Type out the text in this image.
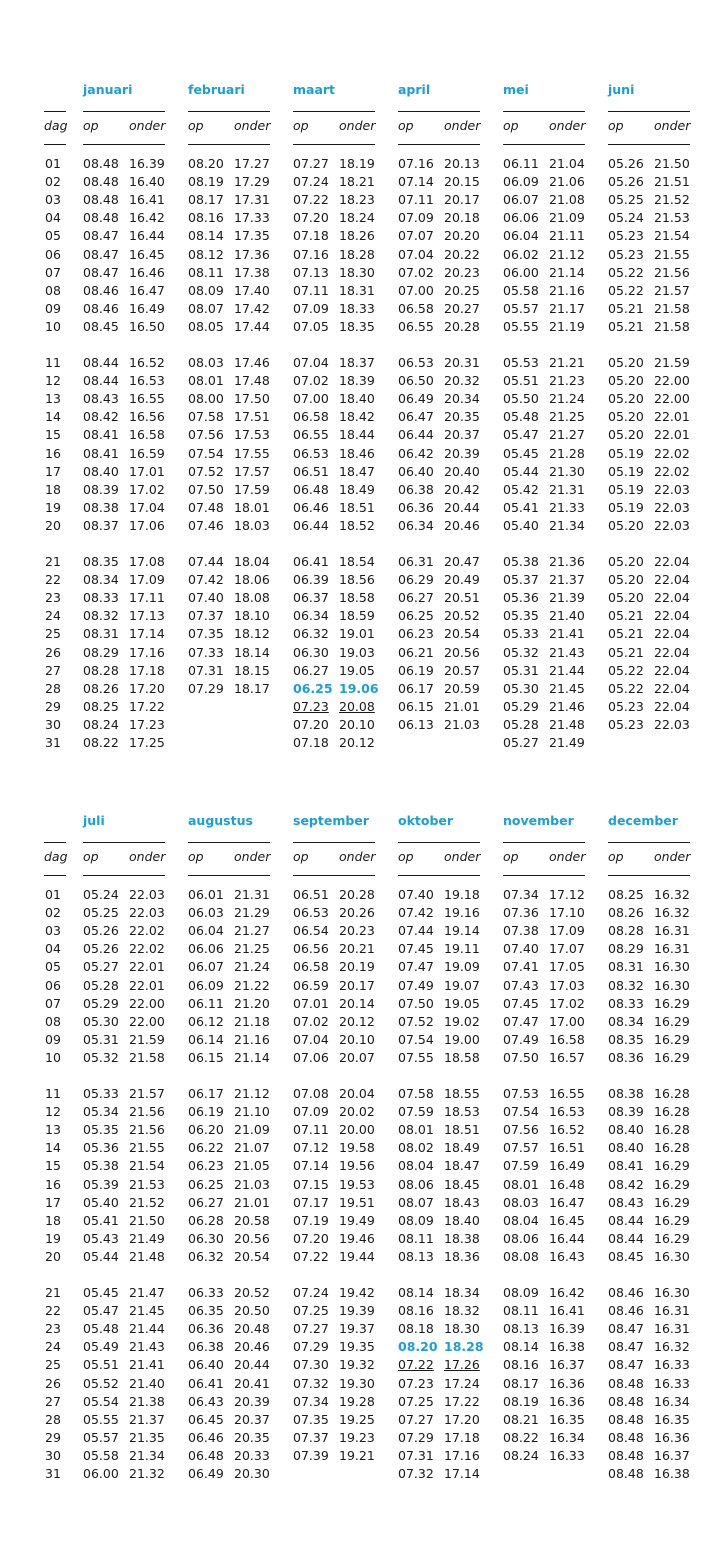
dag
01
02
03
04
05
06
07
08
09
10
11
12
13
14
15
16
17
18
19
20
21
22
23
24
25
26
27
28
29
30
31
januari
op onder
08.48 16.39
08.48 16.40
08.48 16.41
08.48 16.42
08.47 16.44
08.47 16.45
08.47 16.46
08.46 16.47
08.46 16.49
08.45 16.50
08.44 16.52
08.44 16.53
08.43 16.55
08.42 16.56
08.41 16.58
08.41 16.59
08.40 17.01
08.39 17.02
08.38 17.04
08.37 17.06
08.35 17.08
08.34 17.09
08.33 17.11
08.32 17.13
08.31 17.14
08.29 17.16
08.28 17.18
08.26 17.20
08.25 17.22
08.24 17.23
08.22 17.25
februari
op onder
08.20 17.27
08.19 17.29
08.17 17.31
08.16 17.33
08.14 17.35
08.12 17.36
08.11 17.38
08.09 17.40
08.07 17.42
08.05 17.44
08.03 17.46
08.01 17.48
08.00 17.50
07.58 17.51
07.56 17.53
07.54 17.55
07.52 17.57
07.50 17.59
07.48 18.01
07.46 18.03
07.44 18.04
07.42 18.06
07.40 18.08
07.37 18.10
07.35 18.12
07.33 18.14
07.31 18.15
07.29 18.17
maart
op onder
07.27 18.19
07.24 18.21
07.22 18.23
07.20 18.24
07.18 18.26
07.16 18.28
07.13 18.30
07.11 18.31
07.09 18.33
07.05 18.35
07.04 18.37
07.02 18.39
07.00 18.40
06.58 18.42
06.55 18.44
06.53 18.46
06.51 18.47
06.48 18.49
06.46 18.51
06.44 18.52
06.41 18.54
06.39 18.56
06.37 18.58
06.34 18.59
06.32 19.01
06.30 19.03
06.27 19.05
06.25 19.06
07.23 20.08
07.20 20.10
07.18 20.12
april
op onder
07.16 20.13
07.14 20.15
07.11 20.17
07.09 20.18
07.07 20.20
07.04 20.22
07.02 20.23
07.00 20.25
06.58 20.27
06.55 20.28
06.53 20.31
06.50 20.32
06.49 20.34
06.47 20.35
06.44 20.37
06.42 20.39
06.40 20.40
06.38 20.42
06.36 20.44
06.34 20.46
06.31 20.47
06.29 20.49
06.27 20.51
06.25 20.52
06.23 20.54
06.21 20.56
06.19 20.57
06.17 20.59
06.15 21.01
06.13 21.03
mei
op onder
06.11 21.04
06.09 21.06
06.07 21.08
06.06 21.09
06.04 21.11
06.02 21.12
06.00 21.14
05.58 21.16
05.57 21.17
05.55 21.19
05.53 21.21
05.51 21.23
05.50 21.24
05.48 21.25
05.47 21.27
05.45 21.28
05.44 21.30
05.42 21.31
05.41 21.33
05.40 21.34
05.38 21.36
05.37 21.37
05.36 21.39
05.35 21.40
05.33 21.41
05.32 21.43
05.31 21.44
05.30 21.45
05.29 21.46
05.28 21.48
05.27 21.49
juni
op onder
05.26 21.50
05.26 21.51
05.25 21.52
05.24 21.53
05.23 21.54
05.23 21.55
05.22 21.56
05.22 21.57
05.21 21.58
05.21 21.58
05.20 21.59
05.20 22.00
05.20 22.00
05.20 22.01
05.20 22.01
05.19 22.02
05.19 22.02
05.19 22.03
05.19 22.03
05.20 22.03
05.20 22.04
05.20 22.04
05.20 22.04
05.21 22.04
05.21 22.04
05.21 22.04
05.22 22.04
05.22 22.04
05.23 22.04
05.23 22.03
dag
01
02
03
04
05
06
07
08
09
10
11
12
13
14
15
16
17
18
19
20
21
22
23
24
25
26
27
28
29
30
31
juli
op onder
05.24 22.03
05.25 22.03
05.26 22.02
05.26 22.02
05.27 22.01
05.28 22.01
05.29 22.00
05.30 22.00
05.31 21.59
05.32 21.58
05.33 21.57
05.34 21.56
05.35 21.56
05.36 21.55
05.38 21.54
05.39 21.53
05.40 21.52
05.41 21.50
05.43 21.49
05.44 21.48
05.45 21.47
05.47 21.45
05.48 21.44
05.49 21.43
05.51 21.41
05.52 21.40
05.54 21.38
05.55 21.37
05.57 21.35
05.58 21.34
06.00 21.32
augustus
op onder
06.01 21.31
06.03 21.29
06.04 21.27
06.06 21.25
06.07 21.24
06.09 21.22
06.11 21.20
06.12 21.18
06.14 21.16
06.15 21.14
06.17 21.12
06.19 21.10
06.20 21.09
06.22 21.07
06.23 21.05
06.25 21.03
06.27 21.01
06.28 20.58
06.30 20.56
06.32 20.54
06.33 20.52
06.35 20.50
06.36 20.48
06.38 20.46
06.40 20.44
06.41 20.41
06.43 20.39
06.45 20.37
06.46 20.35
06.48 20.33
06.49 20.30
september
op onder
06.51 20.28
06.53 20.26
06.54 20.23
06.56 20.21
06.58 20.19
06.59 20.17
07.01 20.14
07.02 20.12
07.04 20.10
07.06 20.07
07.08 20.04
07.09 20.02
07.11 20.00
07.12 19.58
07.14 19.56
07.15 19.53
07.17 19.51
07.19 19.49
07.20 19.46
07.22 19.44
07.24 19.42
07.25 19.39
07.27 19.37
07.29 19.35
07.30 19.32
07.32 19.30
07.34 19.28
07.35 19.25
07.37 19.23
07.39 19.21
oktober
op onder
07.40 19.18
07.42 19.16
07.44 19.14
07.45 19.11
07.47 19.09
07.49 19.07
07.50 19.05
07.52 19.02
07.54 19.00
07.55 18.58
07.58 18.55
07.59 18.53
08.01 18.51
08.02 18.49
08.04 18.47
08.06 18.45
08.07 18.43
08.09 18.40
08.11 18.38
08.13 18.36
08.14 18.34
08.16 18.32
08.18 18.30
08.20 18.28
07.22 17.26
07.23 17.24
07.25 17.22
07.27 17.20
07.29 17.18
07.31 17.16
07.32 17.14
november
op onder
07.34 17.12
07.36 17.10
07.38 17.09
07.40 17.07
07.41 17.05
07.43 17.03
07.45 17.02
07.47 17.00
07.49 16.58
07.50 16.57
07.53 16.55
07.54 16.53
07.56 16.52
07.57 16.51
07.59 16.49
08.01 16.48
08.03 16.47
08.04 16.45
08.06 16.44
08.08 16.43
08.09 16.42
08.11 16.41
08.13 16.39
08.14 16.38
08.16 16.37
08.17 16.36
08.19 16.36
08.21 16.35
08.22 16.34
08.24 16.33
december
op onder
08.25 16.32
08.26 16.32
08.28 16.31
08.29 16.31
08.31 16.30
08.32 16.30
08.33 16.29
08.34 16.29
08.35 16.29
08.36 16.29
08.38 16.28
08.39 16.28
08.40 16.28
08.40 16.28
08.41 16.29
08.42 16.29
08.43 16.29
08.44 16.29
08.44 16.29
08.45 16.30
08.46 16.30
08.46 16.31
08.47 16.31
08.47 16.32
08.47 16.33
08.48 16.33
08.48 16.34
08.48 16.35
08.48 16.36
08.48 16.37
08.48 16.38
